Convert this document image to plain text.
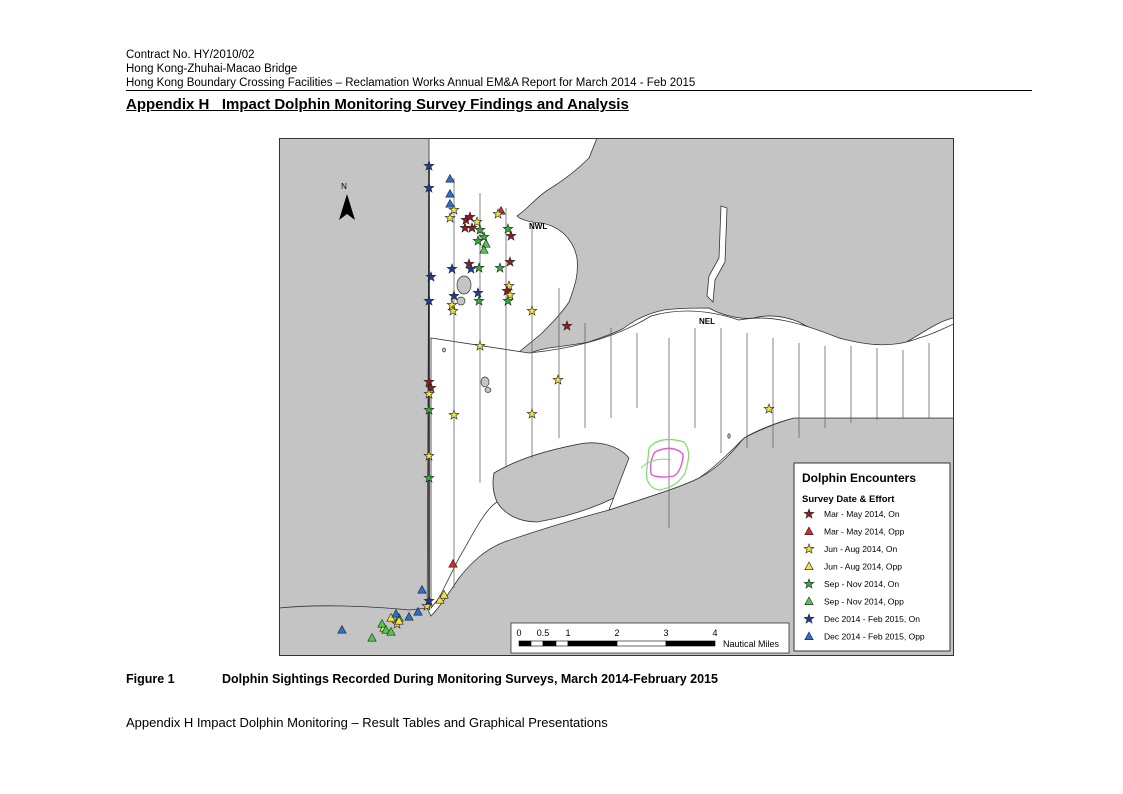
Contract No. HY/2010/02
Hong Kong-Zhuhai-Macao Bridge
Hong Kong Boundary Crossing Facilities – Reclamation Works Annual EM&A Report for March 2014 - Feb 2015
Appendix H   Impact Dolphin Monitoring Survey Findings and Analysis
NWL
NEL
N
0 0.5 1	2	3	4
Nautical Miles
Dolphin Encounters
Survey Date & Effort
Mar - May 2014, On
Mar - May 2014, Opp
Jun - Aug 2014, On
Jun - Aug 2014, Opp
Sep - Nov 2014, On
Sep - Nov 2014, Opp
Dec 2014 - Feb 2015, On
Dec 2014 - Feb 2015, Opp
Figure 1	Dolphin Sightings Recorded During Monitoring Surveys, March 2014-February 2015
Appendix H Impact Dolphin Monitoring – Result Tables and Graphical Presentations
